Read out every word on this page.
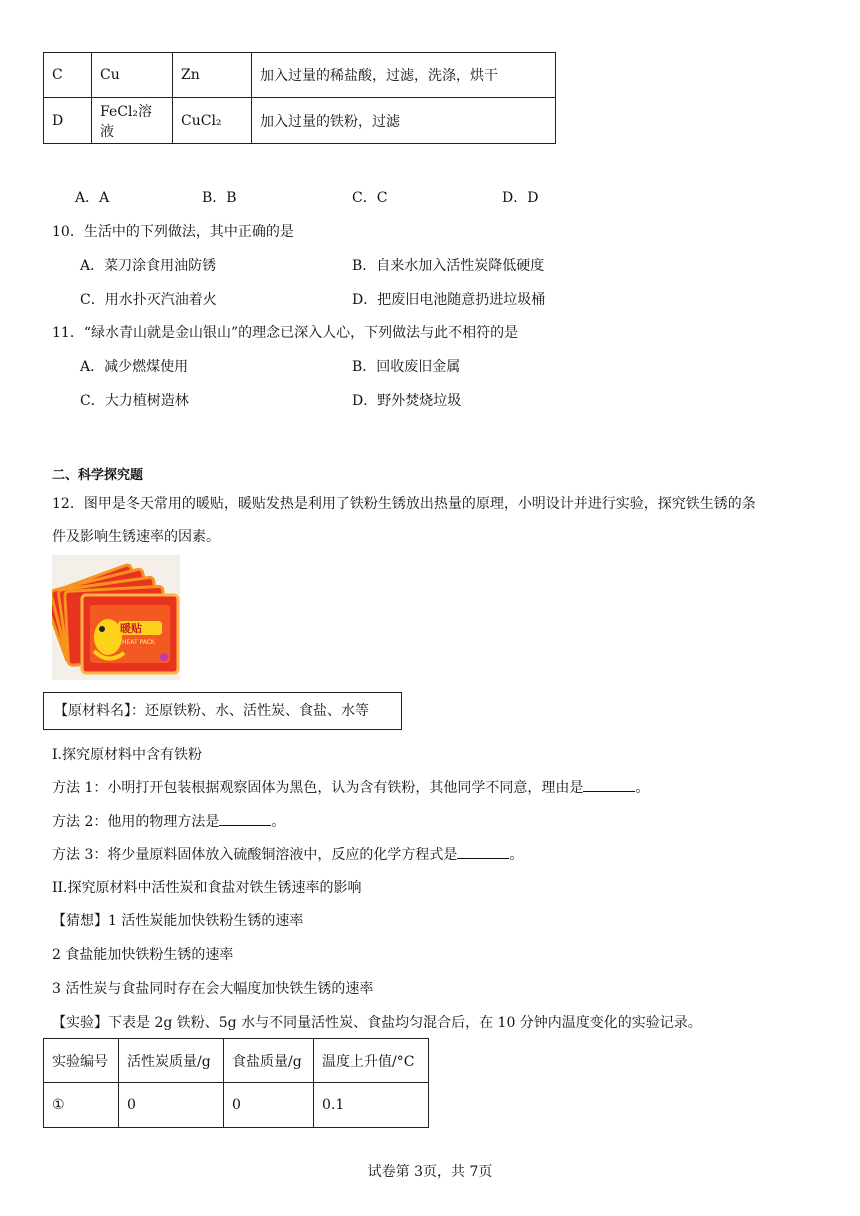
C	Cu	Zn	加入过量的稀盐酸，过滤，洗涤，烘干
D	FeCl₂溶液	CuCl₂	加入过量的铁粉，过滤
A．A	B．B	C．C	D．D
10．生活中的下列做法，其中正确的是
A．菜刀涂食用油防锈	B．自来水加入活性炭降低硬度
C．用水扑灭汽油着火	D．把废旧电池随意扔进垃圾桶
11．“绿水青山就是金山银山”的理念已深入人心，下列做法与此不相符的是
A．减少燃煤使用	B．回收废旧金属
C．大力植树造林	D．野外焚烧垃圾
二、科学探究题
12．图甲是冬天常用的暖贴，暖贴发热是利用了铁粉生锈放出热量的原理，小明设计并进行实验，探究铁生锈的条
件及影响生锈速率的因素。
暖贴
HEAT PACK
【原材料名】：还原铁粉、水、活性炭、食盐、水等
I.探究原材料中含有铁粉
方法 1：小明打开包装根据观察固体为黑色，认为含有铁粉，其他同学不同意，理由是	。
方法 2：他用的物理方法是	。
方法 3：将少量原料固体放入硫酸铜溶液中，反应的化学方程式是	。
II.探究原材料中活性炭和食盐对铁生锈速率的影响
【猜想】1 活性炭能加快铁粉生锈的速率
2 食盐能加快铁粉生锈的速率
3 活性炭与食盐同时存在会大幅度加快铁生锈的速率
【实验】下表是 2g 铁粉、5g 水与不同量活性炭、食盐均匀混合后，在 10 分钟内温度变化的实验记录。
实验编号	活性炭质量/g	食盐质量/g	温度上升值/°C
①	0	0	0.1
试卷第 3页，共 7页
